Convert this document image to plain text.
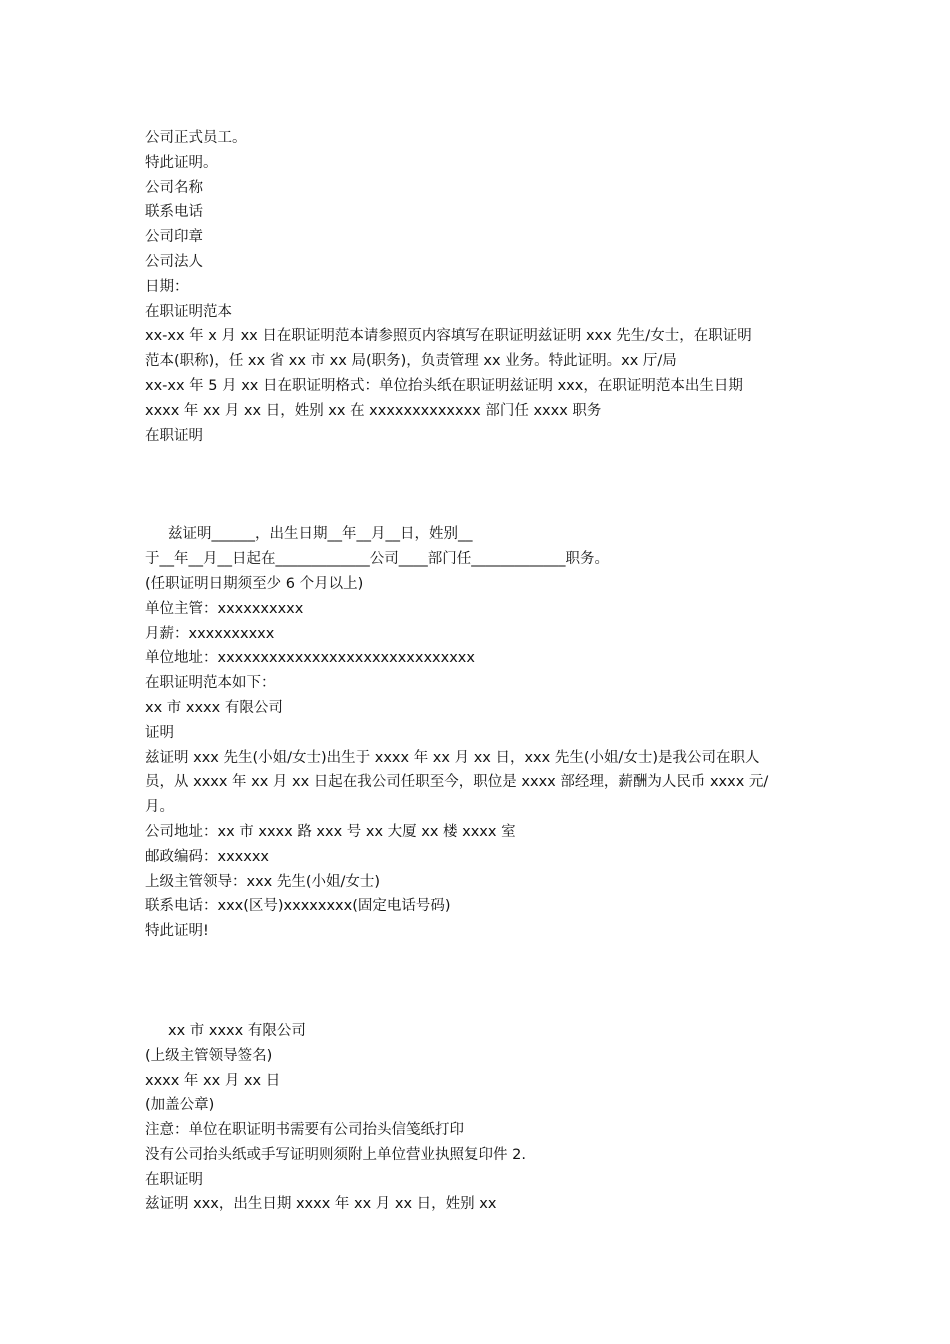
公司正式员工。
特此证明。
公司名称
联系电话
公司印章
公司法人
日期：
在职证明范本
xx-xx 年 x 月 xx 日在职证明范本请参照页内容填写在职证明兹证明 xxx 先生/女士，在职证明
范本(职称)，任 xx 省 xx 市 xx 局(职务)，负责管理 xx 业务。特此证明。xx 厅/局
xx-xx 年 5 月 xx 日在职证明格式：单位抬头纸在职证明兹证明 xxx，在职证明范本出生日期
xxxx 年 xx 月 xx 日，姓别 xx 在 xxxxxxxxxxxxx 部门任 xxxx 职务
在职证明
兹证明______，出生日期__年__月__日，姓别__
于__年__月__日起在_____________公司____部门任_____________职务。
(任职证明日期须至少 6 个月以上)
单位主管：xxxxxxxxxx
月薪：xxxxxxxxxx
单位地址：xxxxxxxxxxxxxxxxxxxxxxxxxxxxxx
在职证明范本如下：
xx 市 xxxx 有限公司
证明
兹证明 xxx 先生(小姐/女士)出生于 xxxx 年 xx 月 xx 日，xxx 先生(小姐/女士)是我公司在职人
员，从 xxxx 年 xx 月 xx 日起在我公司任职至今，职位是 xxxx 部经理，薪酬为人民币 xxxx 元/
月。
公司地址：xx 市 xxxx 路 xxx 号 xx 大厦 xx 楼 xxxx 室
邮政编码：xxxxxx
上级主管领导：xxx 先生(小姐/女士)
联系电话：xxx(区号)xxxxxxxx(固定电话号码)
特此证明!
xx 市 xxxx 有限公司
(上级主管领导签名)
xxxx 年 xx 月 xx 日
(加盖公章)
注意：单位在职证明书需要有公司抬头信笺纸打印
没有公司抬头纸或手写证明则须附上单位营业执照复印件 2.
在职证明
兹证明 xxx，出生日期 xxxx 年 xx 月 xx 日，姓别 xx
